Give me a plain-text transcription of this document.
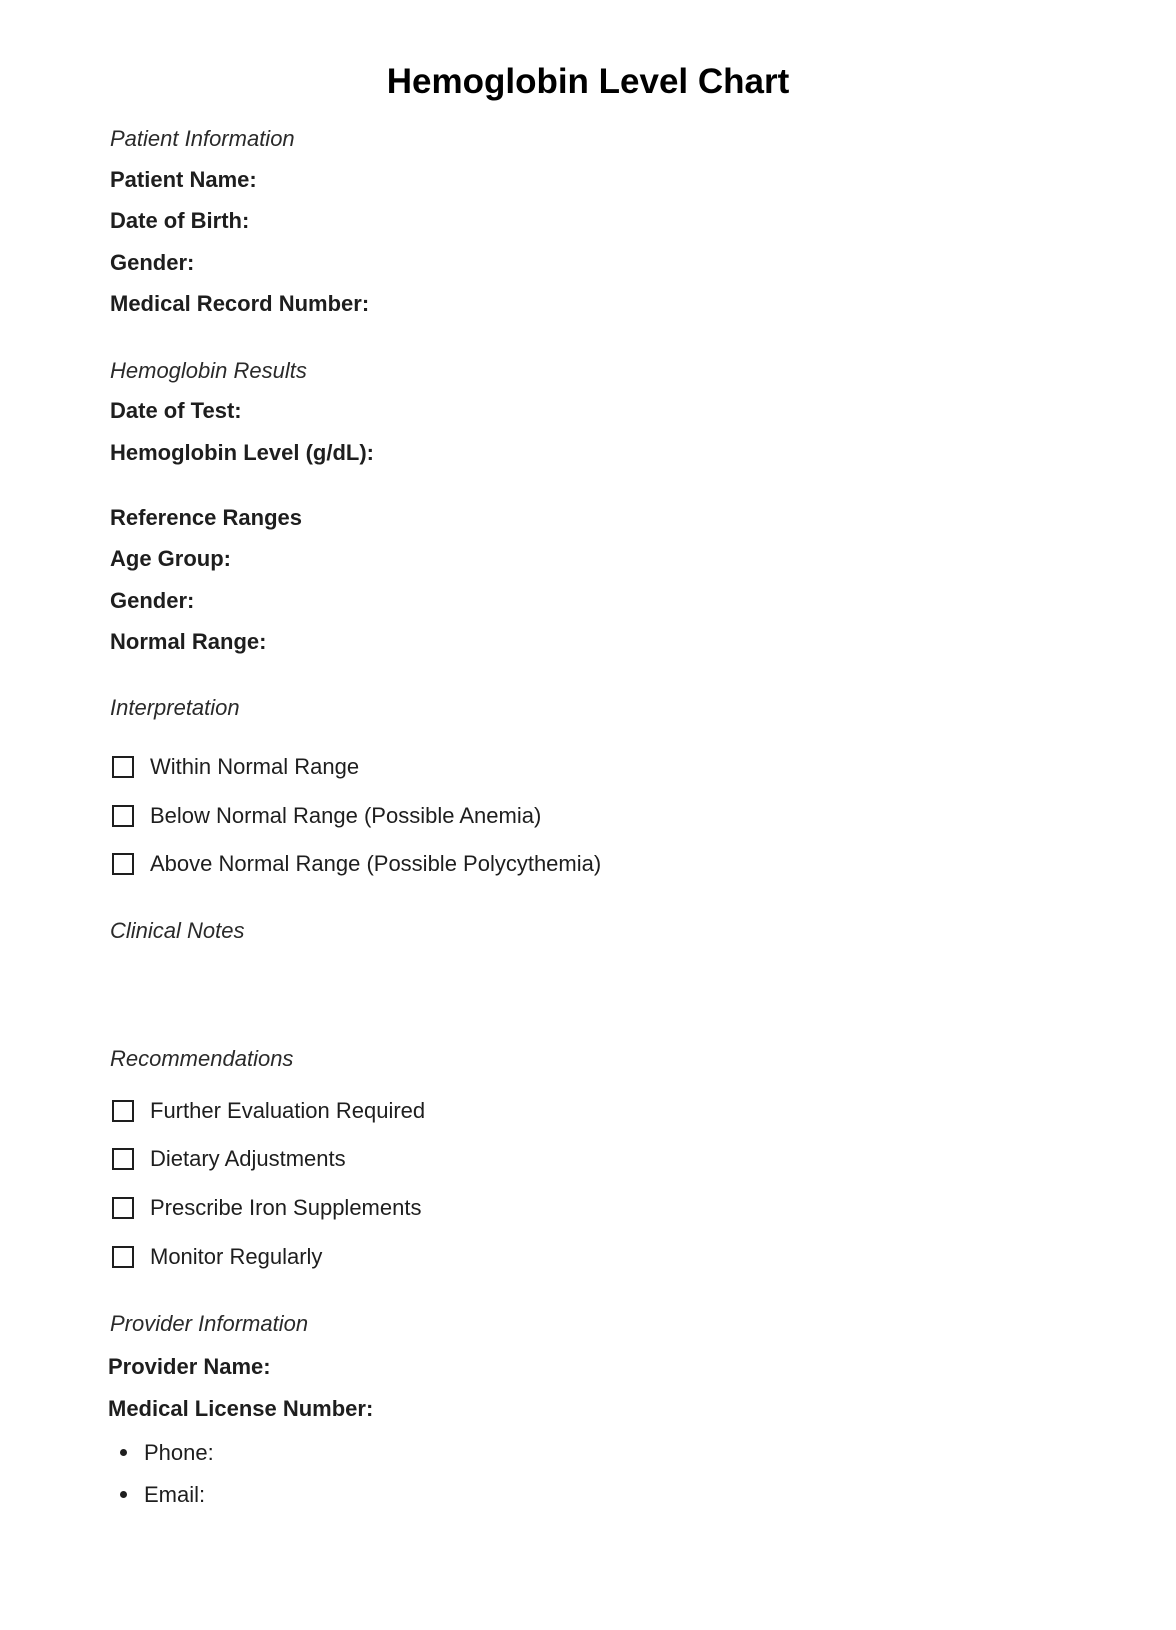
Hemoglobin Level Chart
Patient Information
Patient Name:
Date of Birth:
Gender:
Medical Record Number:
Hemoglobin Results
Date of Test:
Hemoglobin Level (g/dL):
Reference Ranges
Age Group:
Gender:
Normal Range:
Interpretation
Within Normal Range
Below Normal Range (Possible Anemia)
Above Normal Range (Possible Polycythemia)
Clinical Notes
Recommendations
Further Evaluation Required
Dietary Adjustments
Prescribe Iron Supplements
Monitor Regularly
Provider Information
Provider Name:
Medical License Number:
Phone:
Email:
